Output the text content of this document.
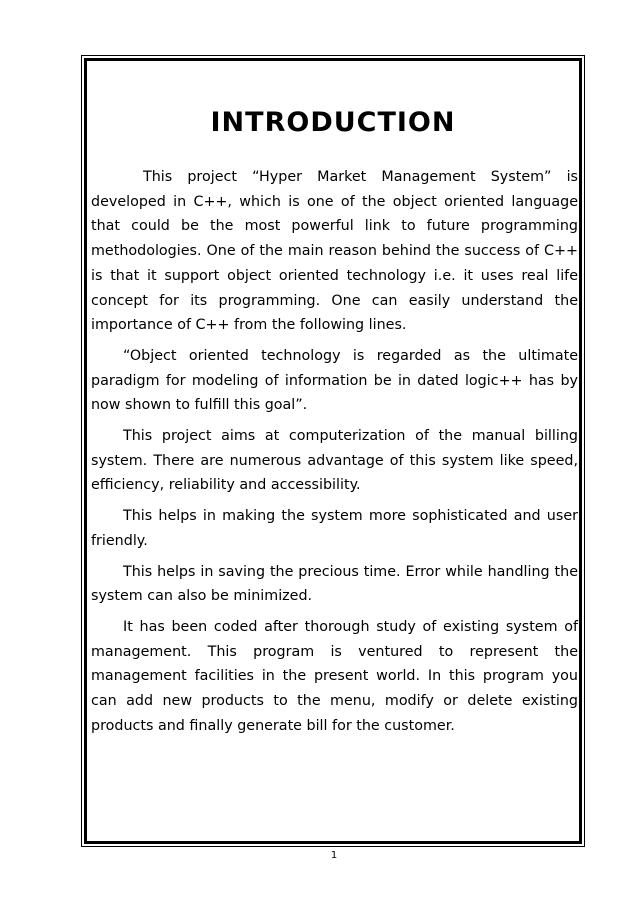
INTRODUCTION

This project “Hyper Market Management System” is developed in C++, which is one of the object oriented language that could be the most powerful link to future programming methodologies. One of the main reason behind the success of C++ is that it support object oriented technology i.e. it uses real life concept for its programming. One can easily understand the importance of C++ from the following lines.

“Object oriented technology is regarded as the ultimate paradigm for modeling of information be in dated logic++ has by now shown to fulfill this goal”.

This project aims at computerization of the manual billing system. There are numerous advantage of this system like speed, efficiency, reliability and accessibility.

This helps in making the system more sophisticated and user friendly.

This helps in saving the precious time. Error while handling the system can also be minimized.

It has been coded after thorough study of existing system of management. This program is ventured to represent the management facilities in the present world. In this program you can add new products to the menu, modify or delete existing products and finally generate bill for the customer.

1
